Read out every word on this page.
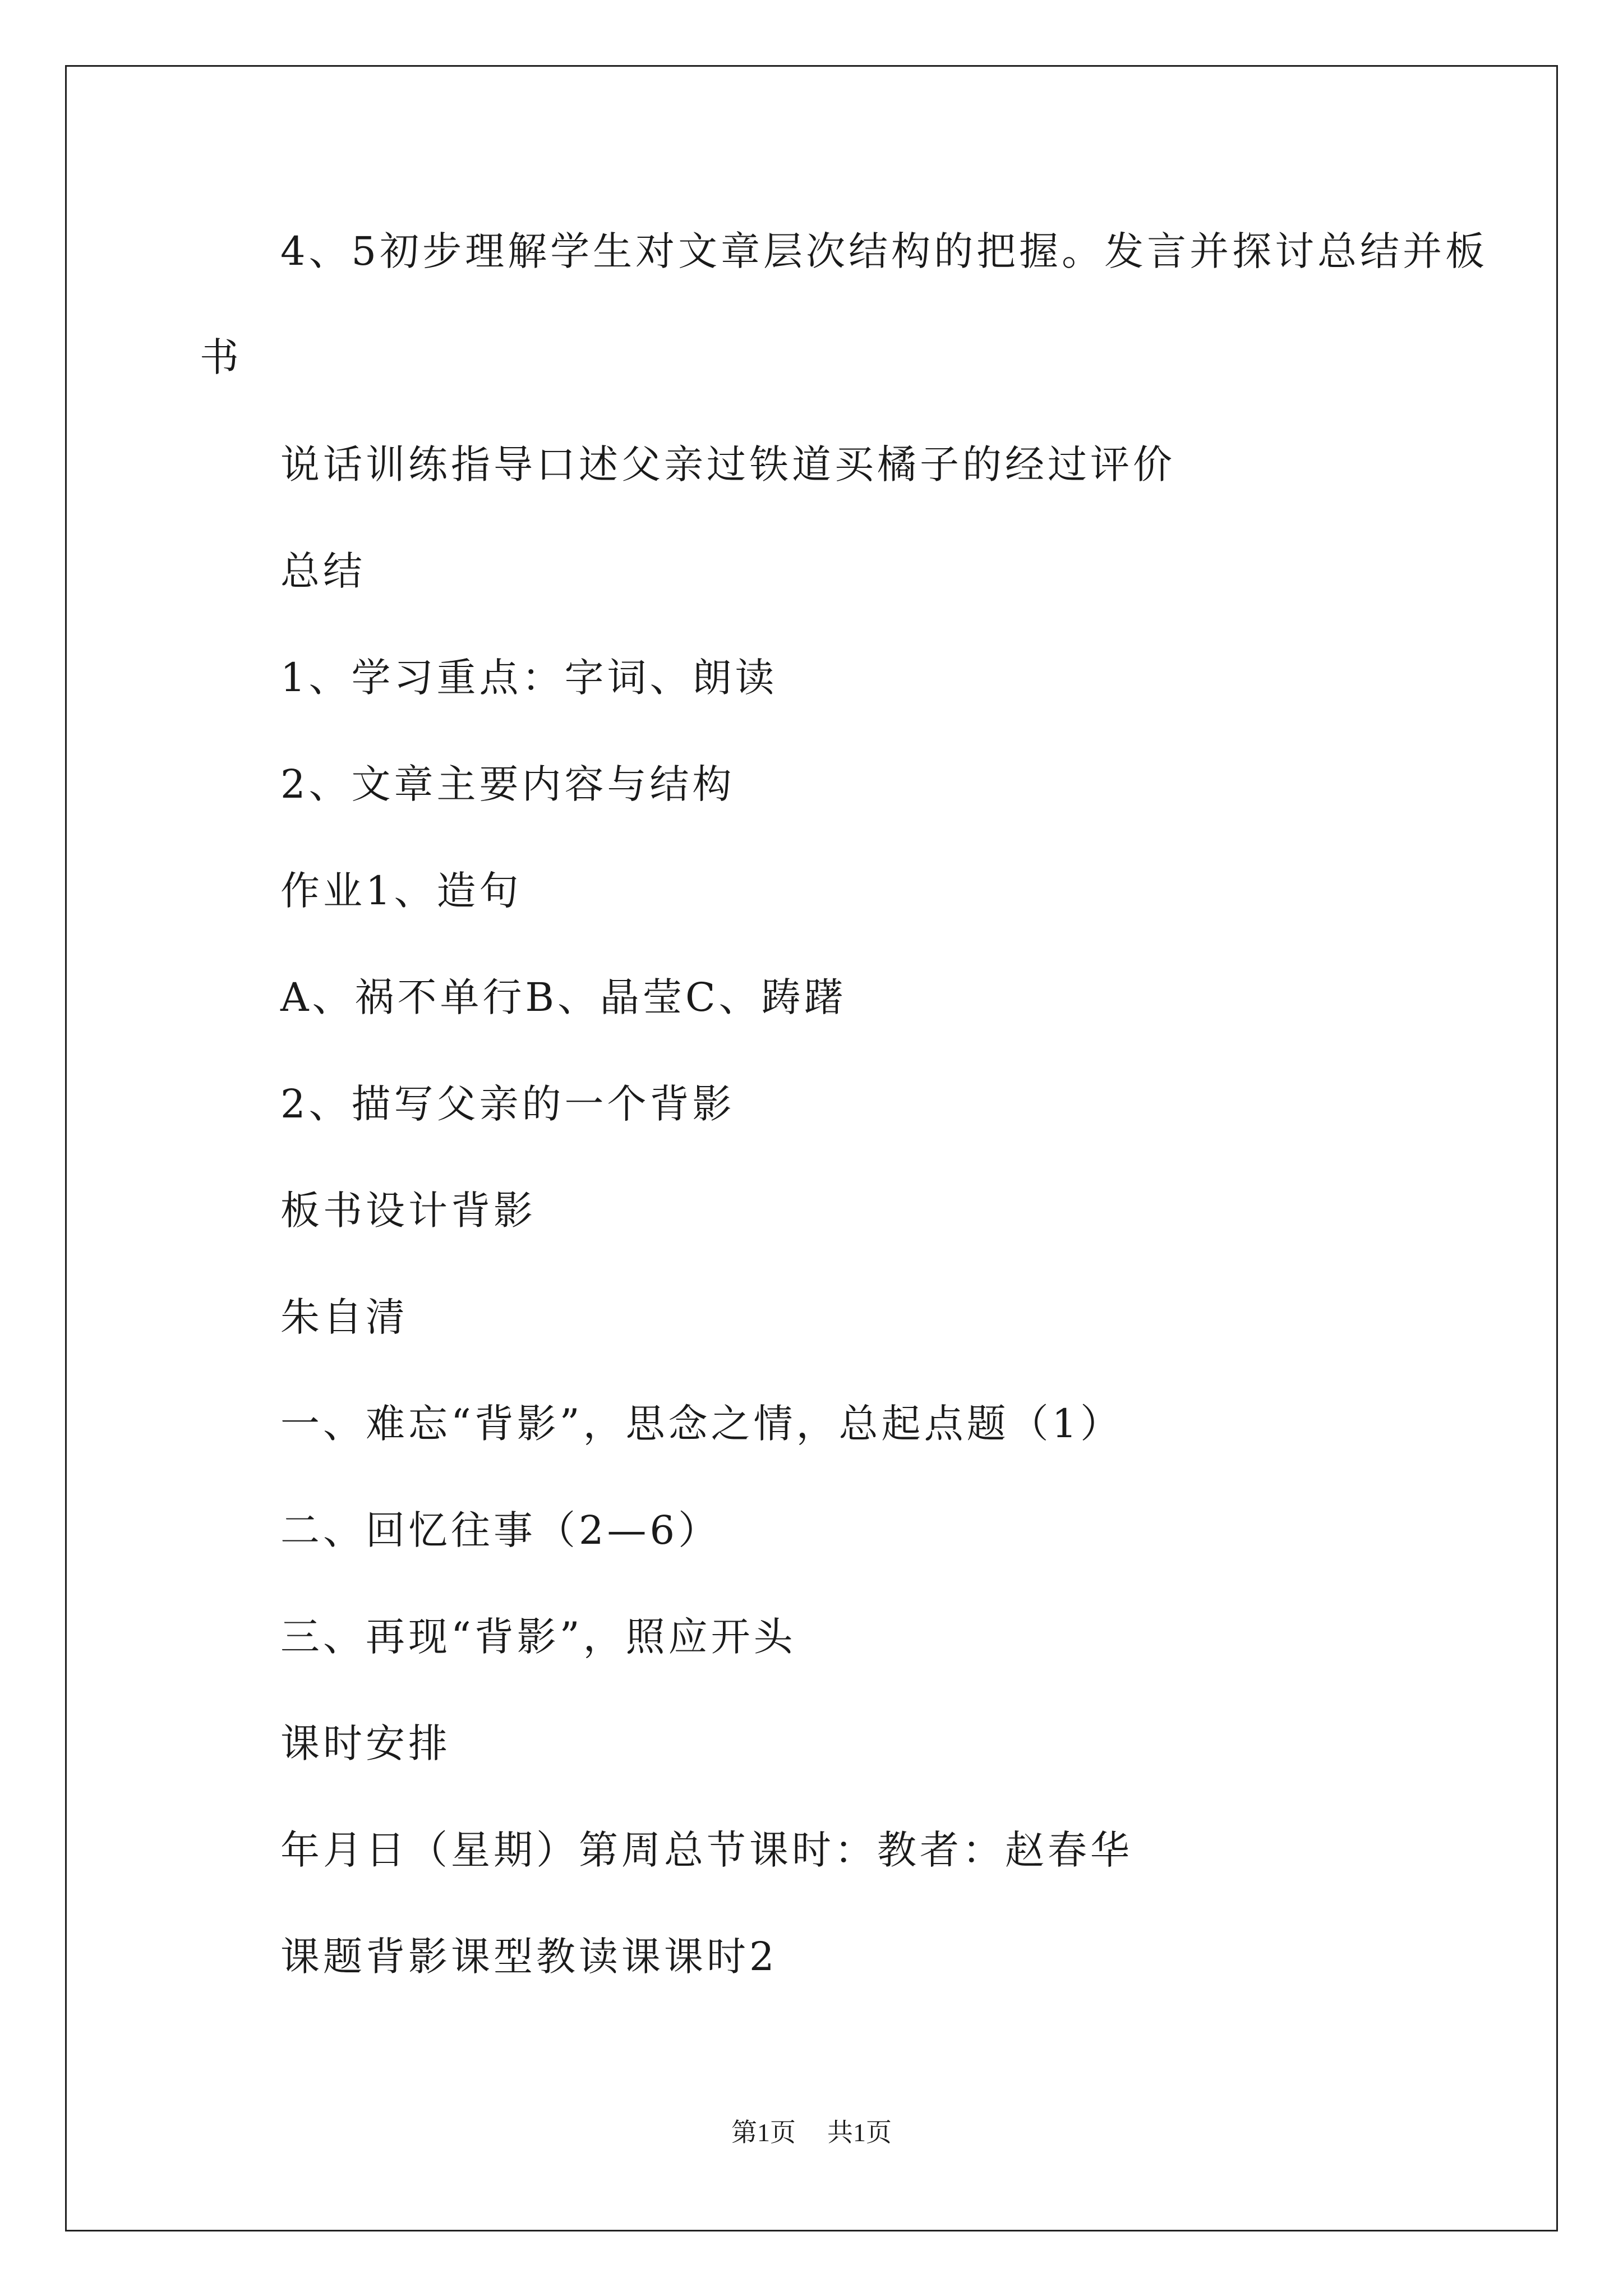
4、5初步理解学生对文章层次结构的把握。发言并探讨总结并板
书
说话训练指导口述父亲过铁道买橘子的经过评价
总结
1、学习重点：字词、朗读
2、文章主要内容与结构
作业1、造句
A、祸不单行B、晶莹C、踌躇
2、描写父亲的一个背影
板书设计背影
朱自清
一、难忘“背影”，思念之情，总起点题（1）
二、回忆往事（2—6）
三、再现“背影”，照应开头
课时安排
年月日（星期）第周总节课时：教者：赵春华
课题背影课型教读课课时2
第1页 共1页
